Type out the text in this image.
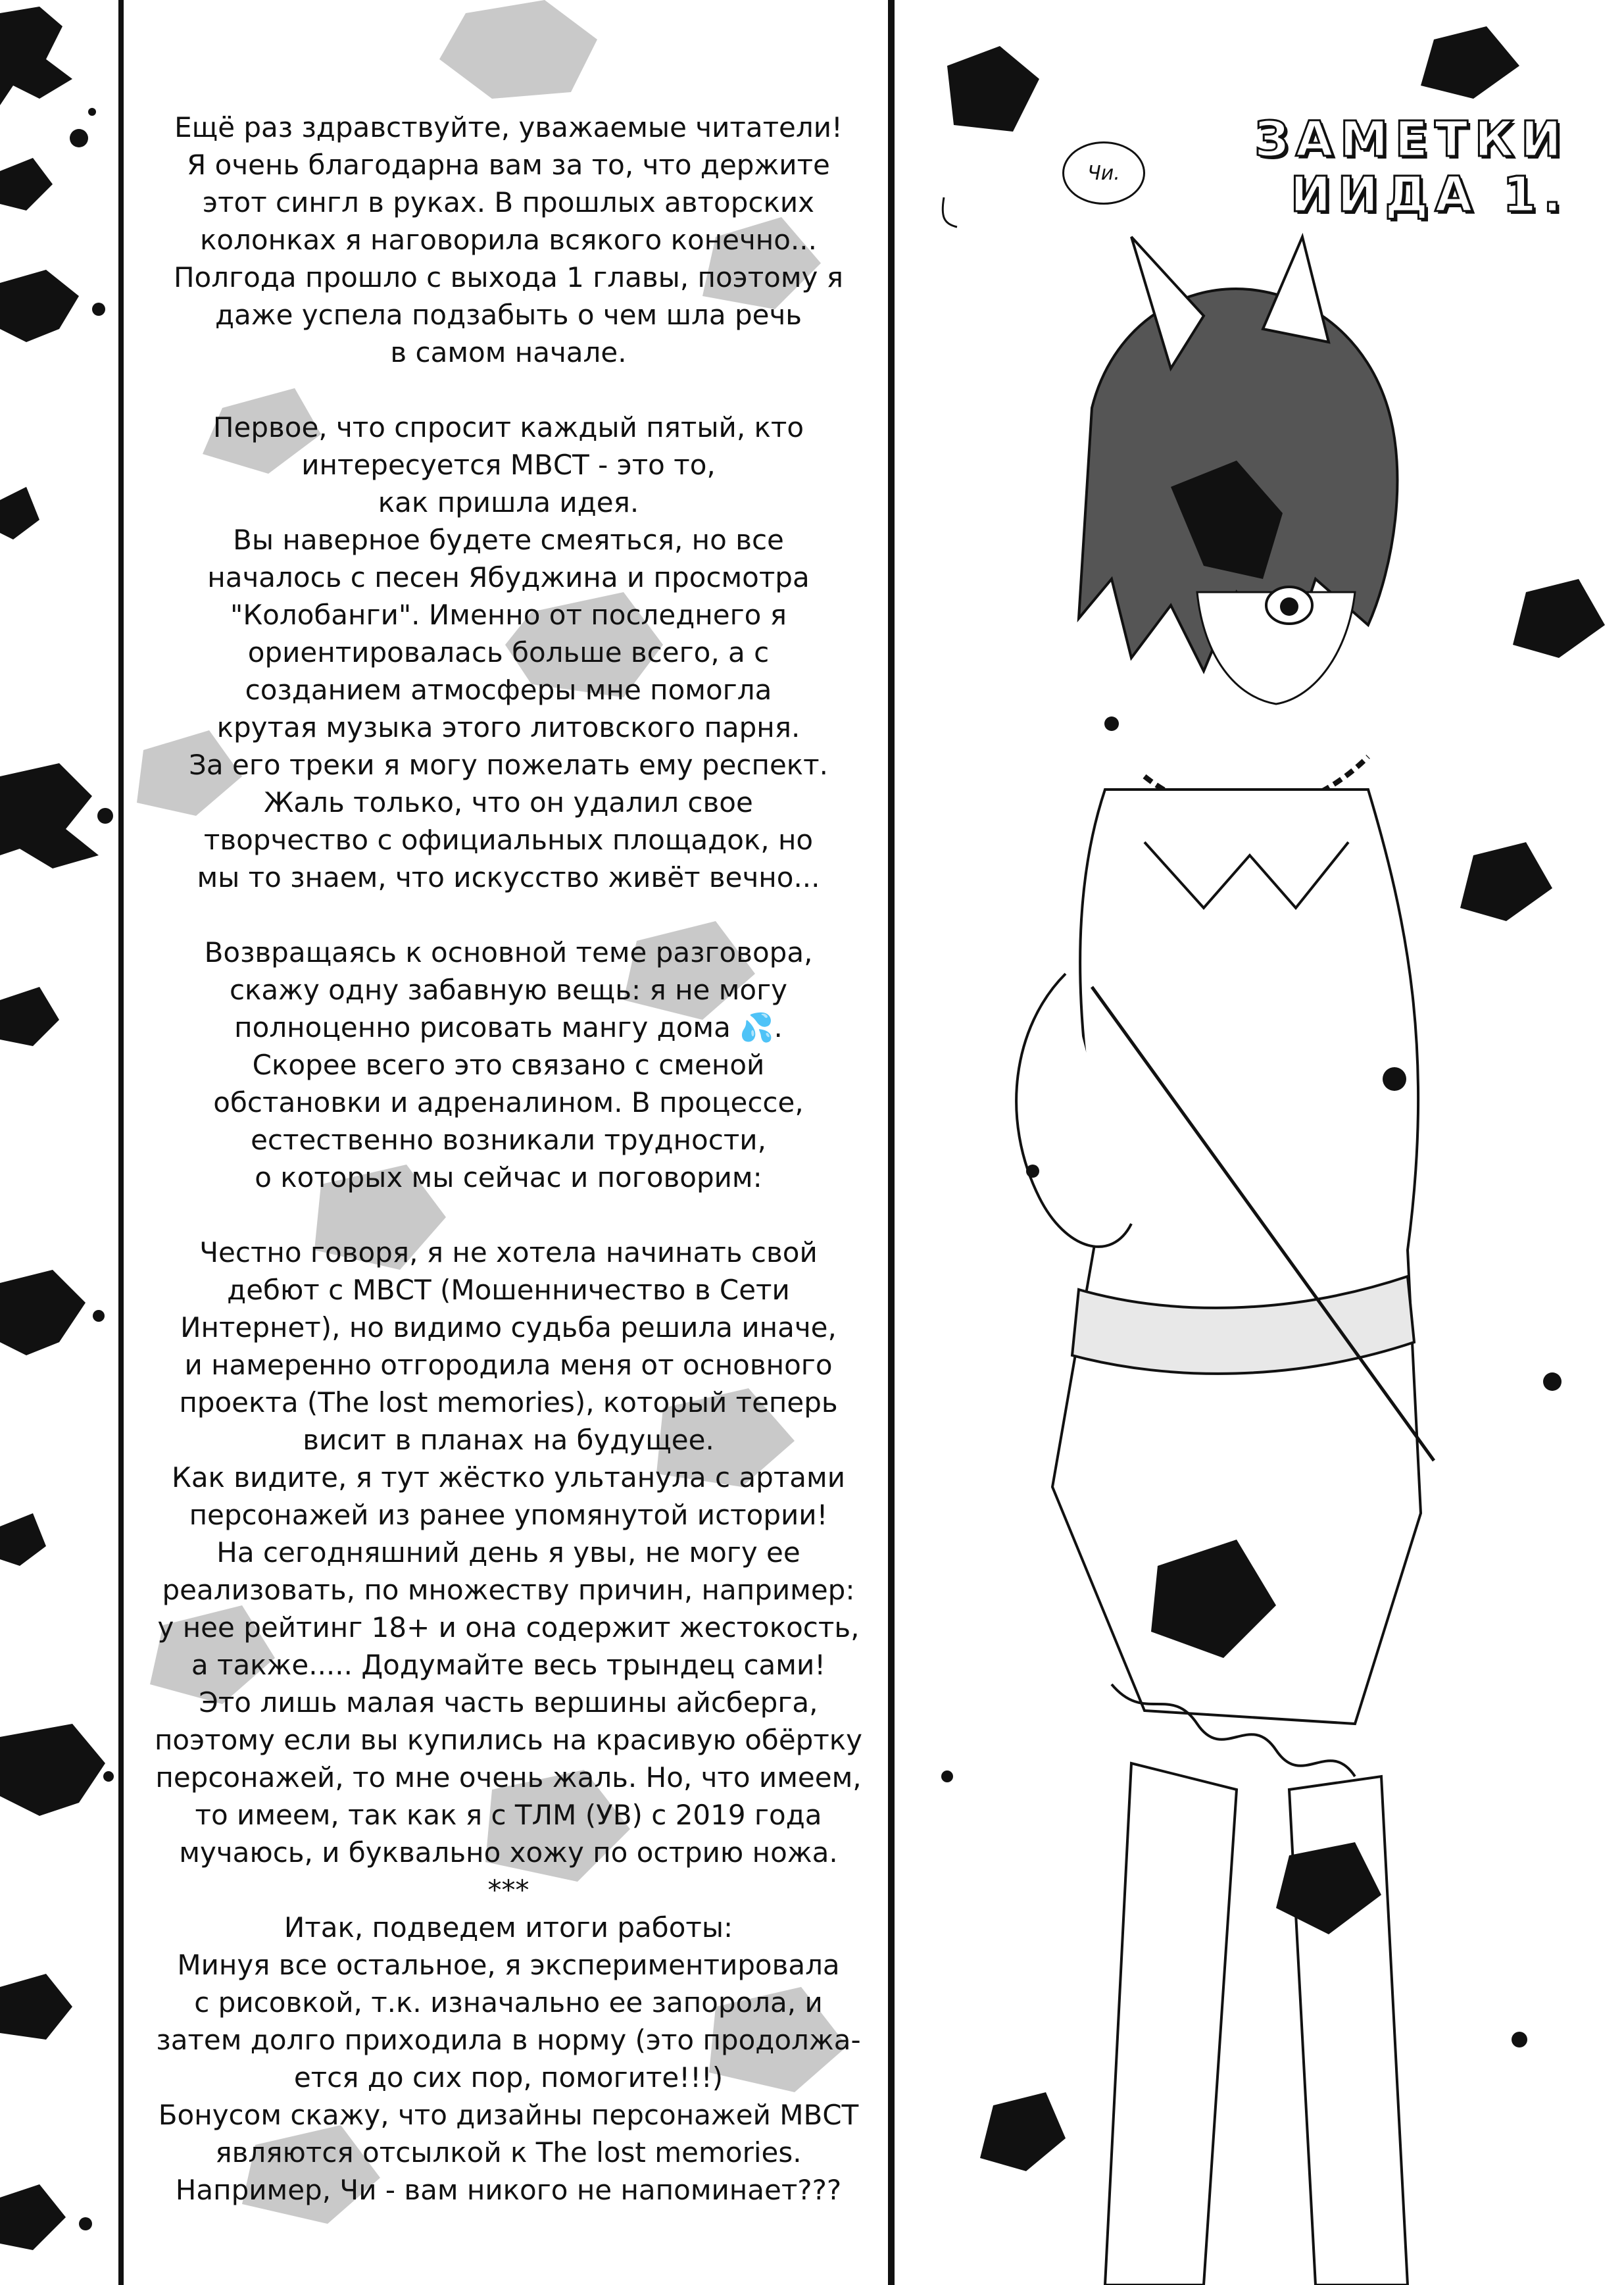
Ещё раз здравствуйте, уважаемые читатели!
Я очень благодарна вам за то, что держите
этот сингл в руках. В прошлых авторских
колонках я наговорила всякого конечно...
Полгода прошло с выхода 1 главы, поэтому я
даже успела подзабыть о чем шла речь
в самом начале.
Первое, что спросит каждый пятый, кто
интересуется МВСТ - это то,
как пришла идея.
Вы наверное будете смеяться, но все
началось с песен Ябуджина и просмотра
"Колобанги". Именно от последнего я
ориентировалась больше всего, а с
созданием атмосферы мне помогла
крутая музыка этого литовского парня.
За его треки я могу пожелать ему респект.
Жаль только, что он удалил свое
творчество с официальных площадок, но
мы то знаем, что искусство живёт вечно...
Возвращаясь к основной теме разговора,
скажу одну забавную вещь: я не могу
полноценно рисовать мангу дома 💦.
Скорее всего это связано с сменой
обстановки и адреналином. В процессе,
естественно возникали трудности,
о которых мы сейчас и поговорим:
Честно говоря, я не хотела начинать свой
дебют с МВСТ (Мошенничество в Сети
Интернет), но видимо судьба решила иначе,
и намеренно отгородила меня от основного
проекта (The lost memories), который теперь
висит в планах на будущее.
Как видите, я тут жёстко ультанула с артами
персонажей из ранее упомянутой истории!
На сегодняшний день я увы, не могу ее
реализовать, по множеству причин, например:
у нее рейтинг 18+ и она содержит жестокость,
а также..... Додумайте весь трындец сами!
Это лишь малая часть вершины айсберга,
поэтому если вы купились на красивую обёртку
персонажей, то мне очень жаль. Но, что имеем,
то имеем, так как я с ТЛМ (УВ) с 2019 года
мучаюсь, и буквально хожу по острию ножа.
***
Итак, подведем итоги работы:
Минуя все остальное, я экспериментировала
с рисовкой, т.к. изначально ее запорола, и
затем долго приходила в норму (это продолжа-
ется до сих пор, помогите!!!)
Бонусом скажу, что дизайны персонажей МВСТ
являются отсылкой к The lost memories.
Например, Чи - вам никого не напоминает???
Чи.
ЗАМЕТКИ
ИИДА 1.
